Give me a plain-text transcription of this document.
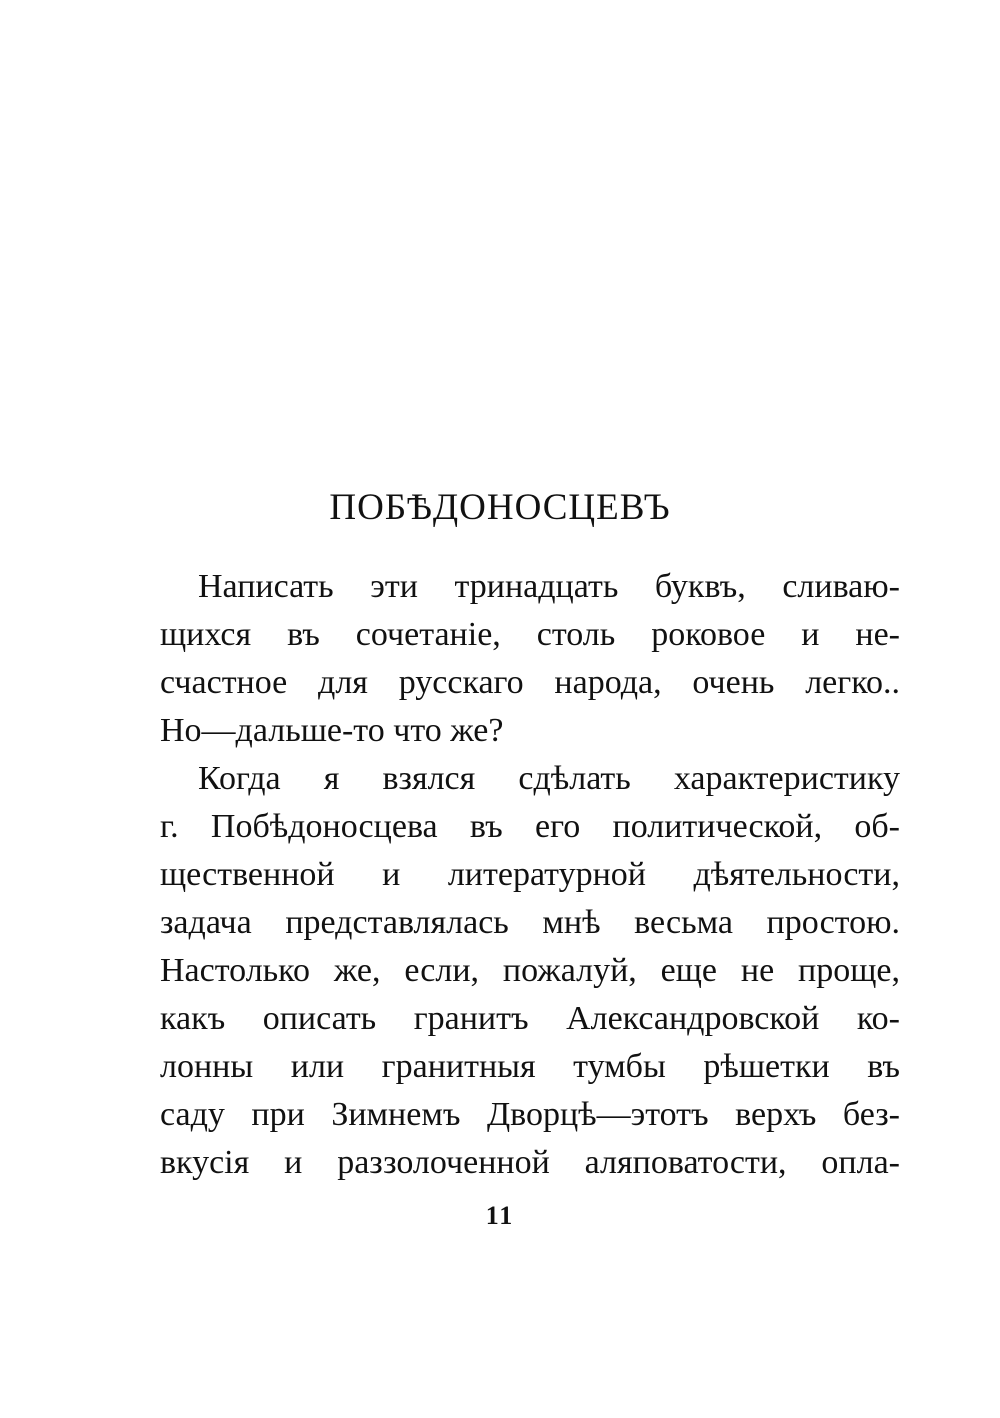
ПОБѢДОНОСЦЕВЪ
Написать эти тринадцать буквъ, сливаю-
щихся въ сочетаніе, столь роковое и не-
счастное для русскаго народа, очень легко..
Но—дальше-то что же?
Когда я взялся сдѣлать характеристику
г. Побѣдоносцева въ его политической, об-
щественной и литературной дѣятельности,
задача представлялась мнѣ весьма простою.
Настолько же, если, пожалуй, еще не проще,
какъ описать гранитъ Александровской ко-
лонны или гранитныя тумбы рѣшетки въ
саду при Зимнемъ Дворцѣ—этотъ верхъ без-
вкусія и раззолоченной аляповатости, опла-
11
